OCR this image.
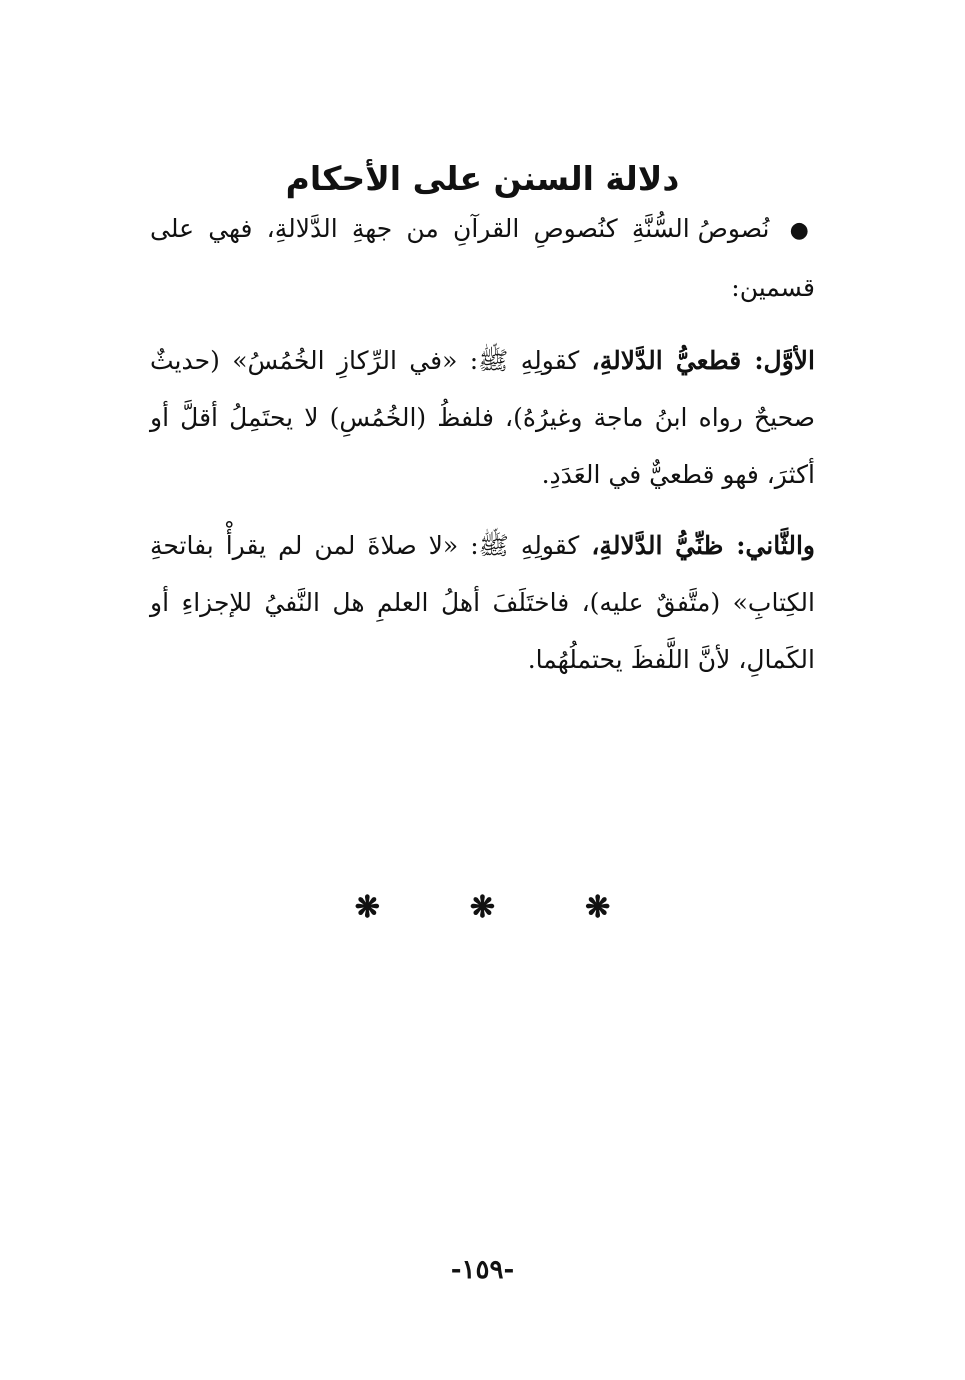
دلالة السنن على الأحكام

● نُصوصُ السُّنَّةِ كنُصوصِ القرآنِ من جهةِ الدَّلالةِ، فهي على قسمين:

الأوَّل: قطعيُّ الدَّلالةِ، كقولِهِ ﷺ: «في الرِّكازِ الخُمُسُ» (حديثٌ صحيحٌ رواه ابنُ ماجة وغيرُهُ)، فلفظُ (الخُمُسِ) لا يحتَمِلُ أقلَّ أو أكثرَ، فهو قطعيٌّ في العَدَدِ.

والثَّاني: ظنِّيُّ الدَّلالةِ، كقولِهِ ﷺ: «لا صلاةَ لمن لم يقرأْ بفاتحةِ الكِتابِ» (متَّفقٌ عليه)، فاختَلَفَ أهلُ العلمِ هل النَّفيُ للإجزاءِ أو الكَمالِ، لأنَّ اللَّفظَ يحتملُهُما.

❋	❋	❋
-١٥٩-
